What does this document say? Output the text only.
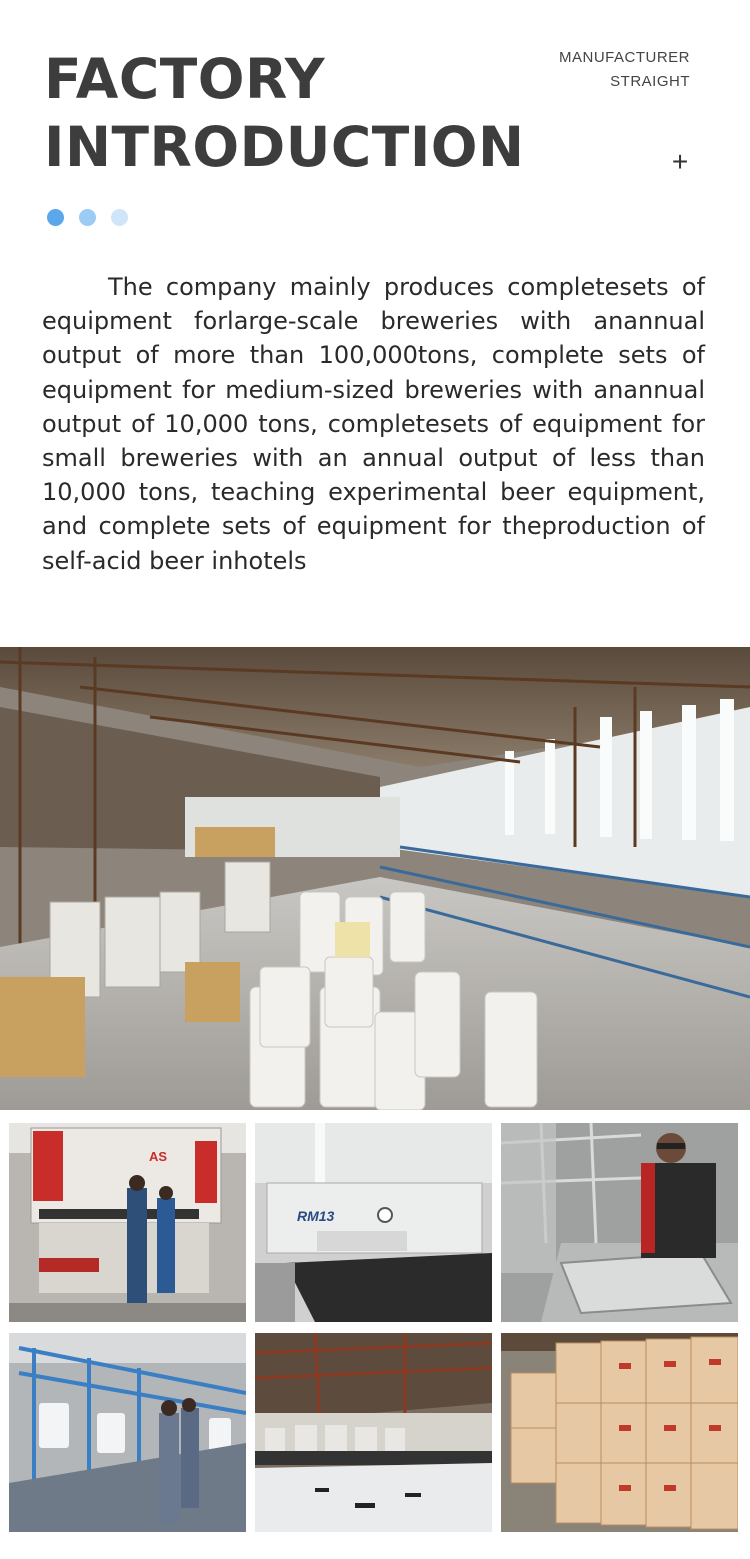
FACTORY
INTRODUCTION
MANUFACTURER
STRAIGHT
+

The company mainly produces completesets of equipment forlarge-scale breweries with anannual output of more than 100,000tons, complete sets of equipment for medium-sized breweries with anannual output of 10,000 tons, completesets of equipment for small breweries with an annual output of less than 10,000 tons, teaching experimental beer equipment, and complete sets of equipment for theproduction of self-acid beer inhotels

AS
RM13
